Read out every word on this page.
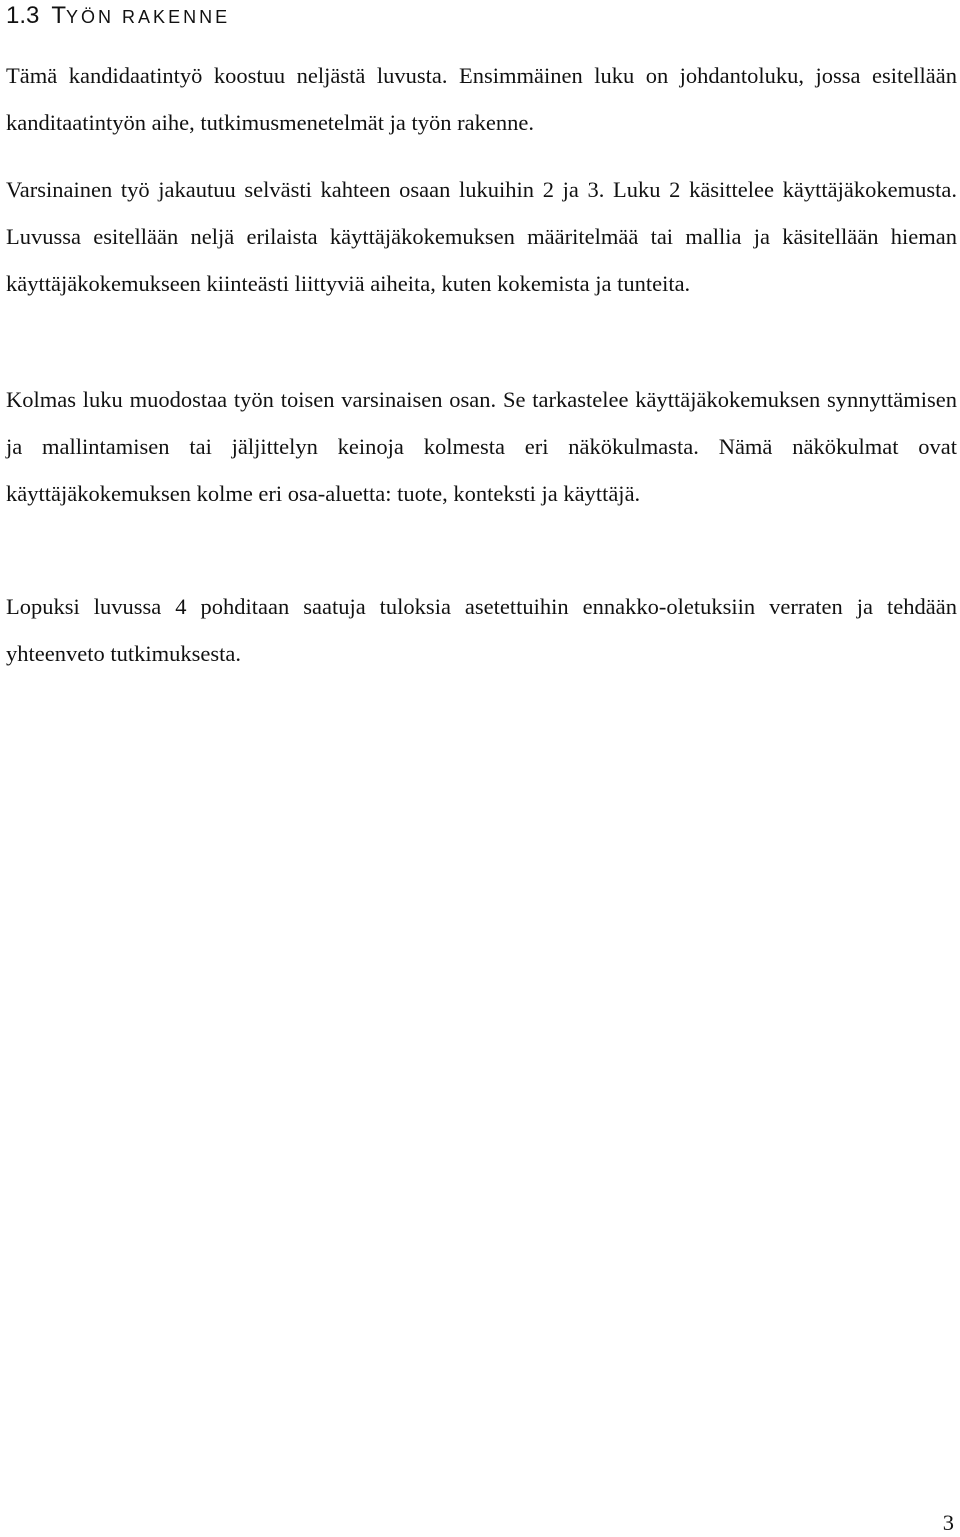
1.3 TYÖN RAKENNE

Tämä kandidaatintyö koostuu neljästä luvusta. Ensimmäinen luku on johdantoluku, jossa esitellään kanditaatintyön aihe, tutkimusmenetelmät ja työn rakenne.

Varsinainen työ jakautuu selvästi kahteen osaan lukuihin 2 ja 3. Luku 2 käsittelee käyttäjäkokemusta. Luvussa esitellään neljä erilaista käyttäjäkokemuksen määritelmää tai mallia ja käsitellään hieman käyttäjäkokemukseen kiinteästi liittyviä aiheita, kuten kokemista ja tunteita.

Kolmas luku muodostaa työn toisen varsinaisen osan. Se tarkastelee käyttäjäkokemuksen synnyttämisen ja mallintamisen tai jäljittelyn keinoja kolmesta eri näkökulmasta. Nämä näkökulmat ovat käyttäjäkokemuksen kolme eri osa-aluetta: tuote, konteksti ja käyttäjä.

Lopuksi luvussa 4 pohditaan saatuja tuloksia asetettuihin ennakko-oletuksiin verraten ja tehdään yhteenveto tutkimuksesta.

3
